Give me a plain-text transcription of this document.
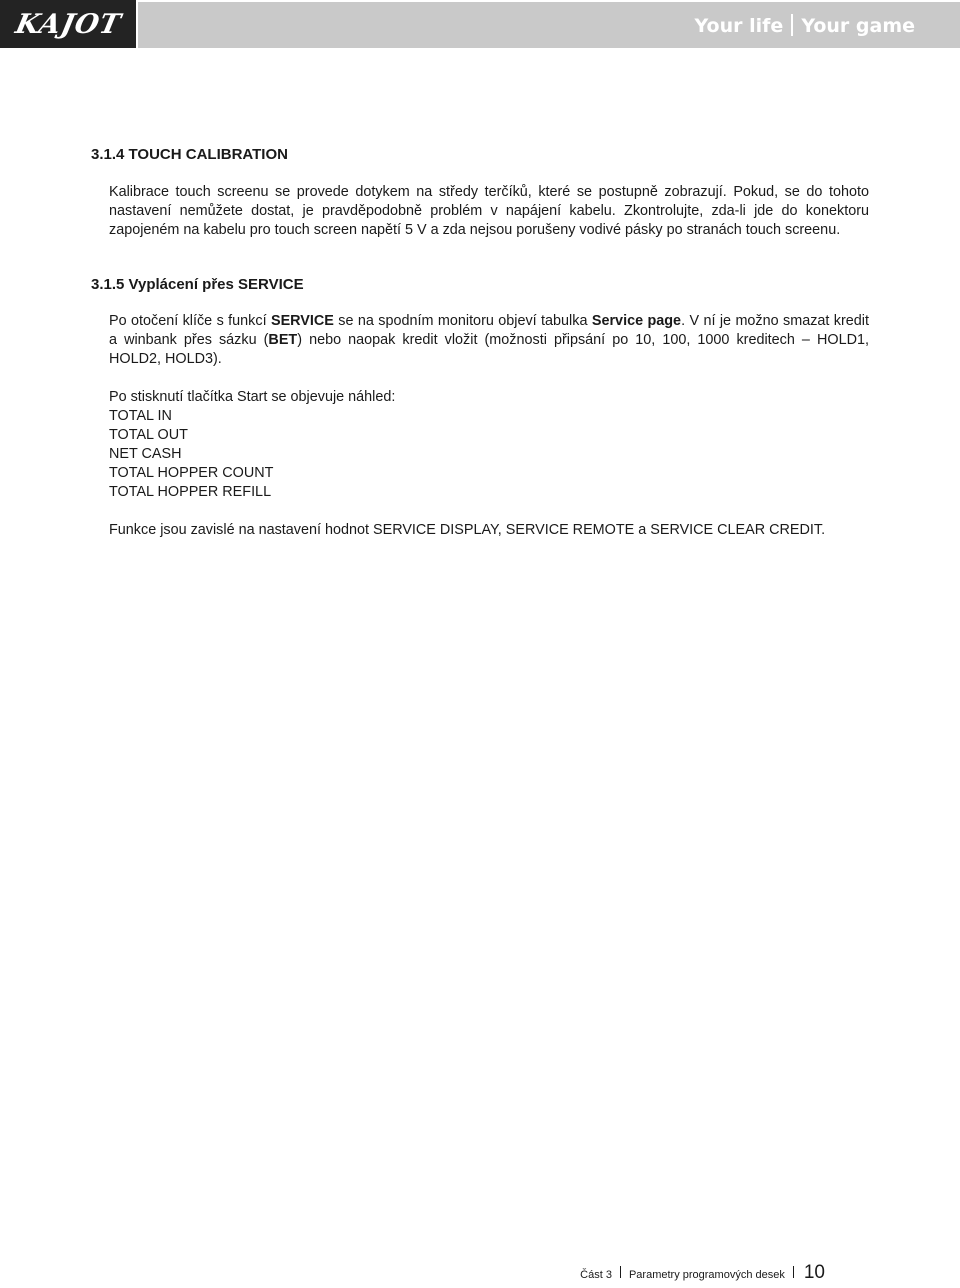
KAJOT	Your life Your game
3.1.4 TOUCH CALIBRATION

Kalibrace touch screenu se provede dotykem na středy terčíků, které se postupně zobrazují. Pokud, se do tohoto nastavení nemůžete dostat, je pravděpodobně problém v napájení kabelu. Zkontrolujte, zda-li jde do konektoru zapojeném na kabelu pro touch screen napětí 5 V a zda nejsou porušeny vodivé pásky po stranách touch screenu.

3.1.5 Vyplácení přes SERVICE

Po otočení klíče s funkcí SERVICE se na spodním monitoru objeví tabulka Service page. V ní je možno smazat kredit a winbank přes sázku (BET) nebo naopak kredit vložit (možnosti připsání po 10, 100, 1000 kreditech – HOLD1, HOLD2, HOLD3).

Po stisknutí tlačítka Start se objevuje náhled:

TOTAL IN
TOTAL OUT
NET CASH
TOTAL HOPPER COUNT
TOTAL HOPPER REFILL

Funkce jsou zavislé na nastavení hodnot SERVICE DISPLAY, SERVICE REMOTE a SERVICE CLEAR CREDIT.

Část 3 Parametry programových desek 10
